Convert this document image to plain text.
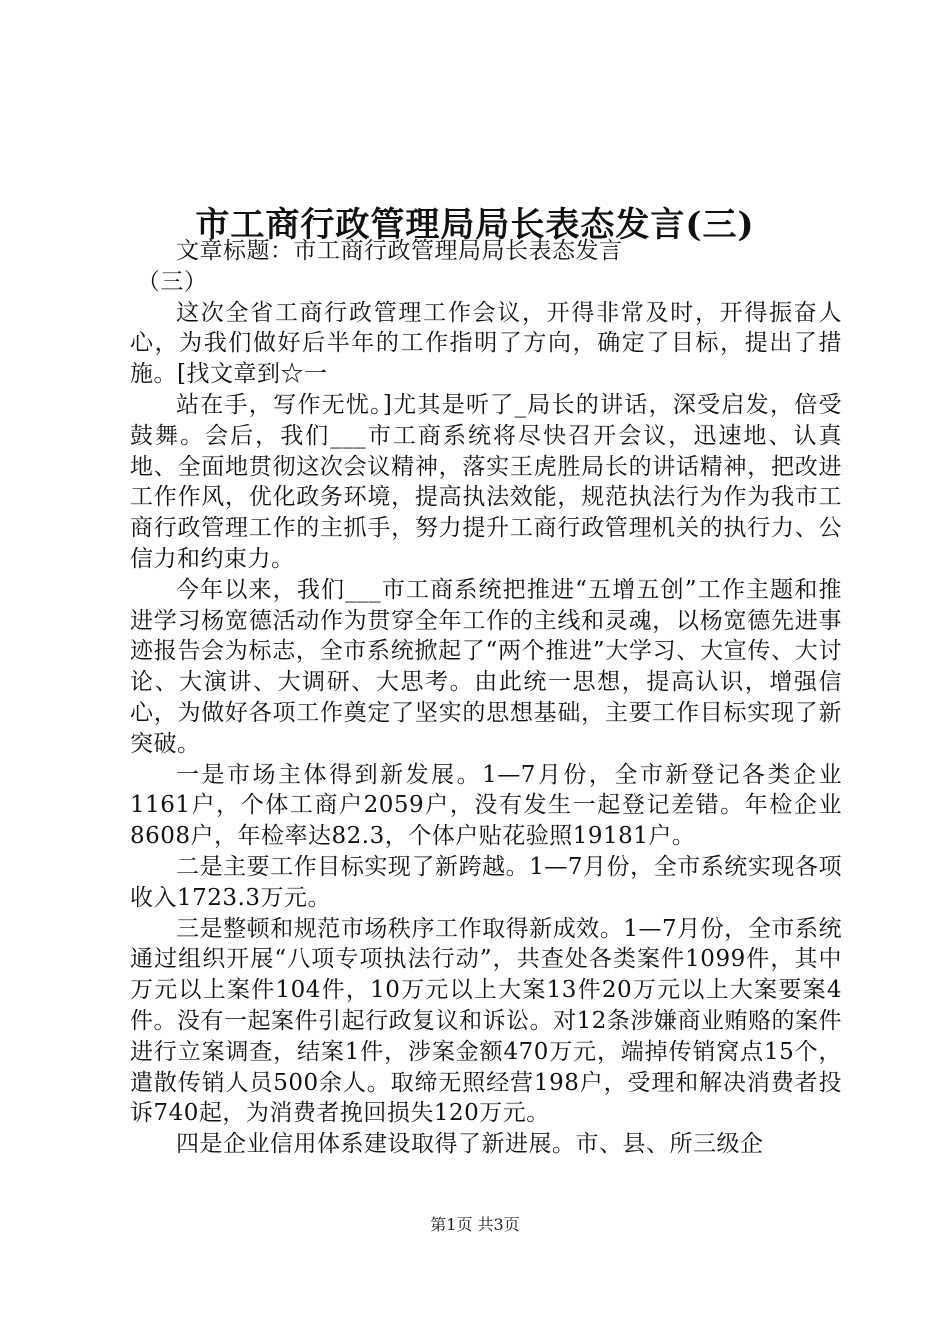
市工商行政管理局局长表态发言(三)

文章标题：市工商行政管理局局长表态发言

（三）

这次全省工商行政管理工作会议，开得非常及时，开得振奋人心，为我们做好后半年的工作指明了方向，确定了目标，提出了措施。[找文章到☆一

站在手，写作无忧。]尤其是听了_局长的讲话，深受启发，倍受鼓舞。会后，我们___市工商系统将尽快召开会议，迅速地、认真地、全面地贯彻这次会议精神，落实王虎胜局长的讲话精神，把改进工作作风，优化政务环境，提高执法效能，规范执法行为作为我市工商行政管理工作的主抓手，努力提升工商行政管理机关的执行力、公信力和约束力。

今年以来，我们___市工商系统把推进“五增五创”工作主题和推进学习杨宽德活动作为贯穿全年工作的主线和灵魂，以杨宽德先进事迹报告会为标志，全市系统掀起了“两个推进”大学习、大宣传、大讨论、大演讲、大调研、大思考。由此统一思想，提高认识，增强信心，为做好各项工作奠定了坚实的思想基础，主要工作目标实现了新突破。

一是市场主体得到新发展。1—7月份，全市新登记各类企业1161户，个体工商户2059户，没有发生一起登记差错。年检企业8608户，年检率达82.3，个体户贴花验照19181户。

二是主要工作目标实现了新跨越。1—7月份，全市系统实现各项收入1723.3万元。

三是整顿和规范市场秩序工作取得新成效。1—7月份，全市系统通过组织开展“八项专项执法行动”，共查处各类案件1099件，其中万元以上案件104件，10万元以上大案13件20万元以上大案要案4件。没有一起案件引起行政复议和诉讼。对12条涉嫌商业贿赂的案件进行立案调查，结案1件，涉案金额470万元，端掉传销窝点15个，遣散传销人员500余人。取缔无照经营198户，受理和解决消费者投诉740起，为消费者挽回损失120万元。

四是企业信用体系建设取得了新进展。市、县、所三级企

第1页 共3页
